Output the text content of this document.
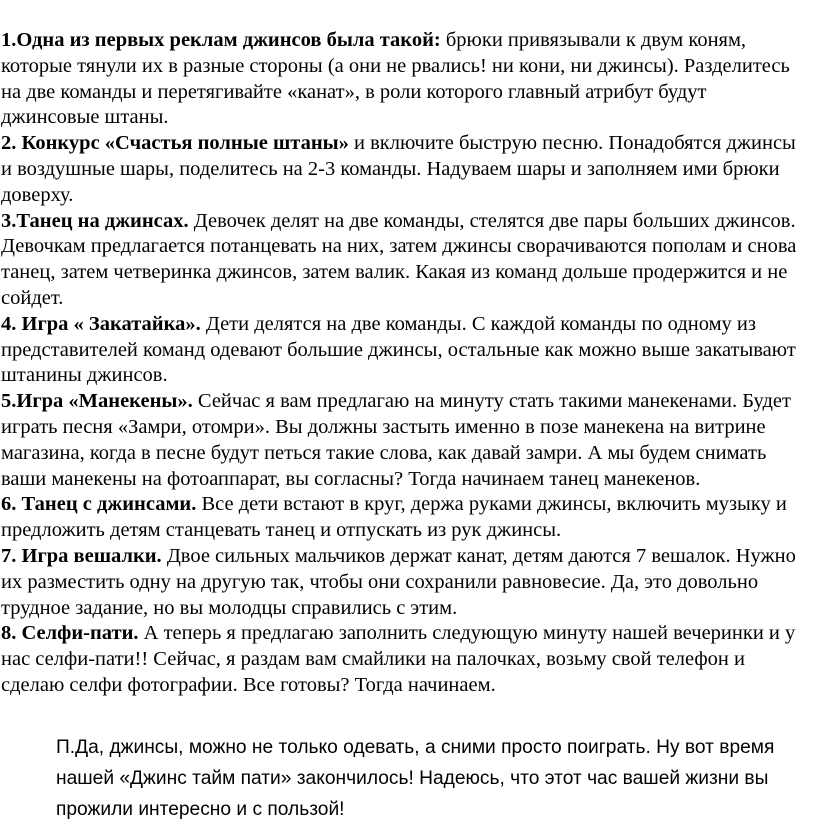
1.Одна из первых реклам джинсов была такой: брюки привязывали к двум коням, которые тянули их в разные стороны (а они не рвались! ни кони, ни джинсы). Разделитесь на две команды и перетягивайте «канат», в роли которого главный атрибут будут джинсовые штаны.

2. Конкурс «Счастья полные штаны» и включите быструю песню. Понадобятся джинсы и воздушные шары, поделитесь на 2-3 команды. Надуваем шары и заполняем ими брюки доверху.

3.Танец на джинсах. Девочек делят на две команды, стелятся две пары больших джинсов. Девочкам предлагается потанцевать на них, затем джинсы сворачиваются пополам и снова танец, затем четверинка джинсов, затем валик. Какая из команд дольше продержится и не сойдет.

4. Игра « Закатайка». Дети делятся на две команды. С каждой команды по одному из представителей команд одевают большие джинсы, остальные как можно выше закатывают штанины джинсов.

5.Игра «Манекены». Сейчас я вам предлагаю на минуту стать такими манекенами. Будет играть песня «Замри, отомри». Вы должны застыть именно в позе манекена на витрине магазина, когда в песне будут петься такие слова, как давай замри. А мы будем снимать ваши манекены на фотоаппарат, вы согласны? Тогда начинаем танец манекенов.

6. Танец с джинсами. Все дети встают в круг, держа руками джинсы, включить музыку и предложить детям станцевать танец и отпускать из рук джинсы.

7. Игра вешалки. Двое сильных мальчиков держат канат, детям даются 7 вешалок. Нужно их разместить одну на другую так, чтобы они сохранили равновесие. Да, это довольно трудное задание, но вы молодцы справились с этим.

8. Селфи-пати. А теперь я предлагаю заполнить следующую минуту нашей вечеринки и у нас селфи-пати!! Сейчас, я раздам вам смайлики на палочках, возьму свой телефон и сделаю селфи фотографии. Все готовы? Тогда начинаем.

П.Да, джинсы, можно не только одевать, а сними просто поиграть. Ну вот время нашей «Джинс тайм пати» закончилось! Надеюсь, что этот час вашей жизни вы прожили интересно и с пользой!
